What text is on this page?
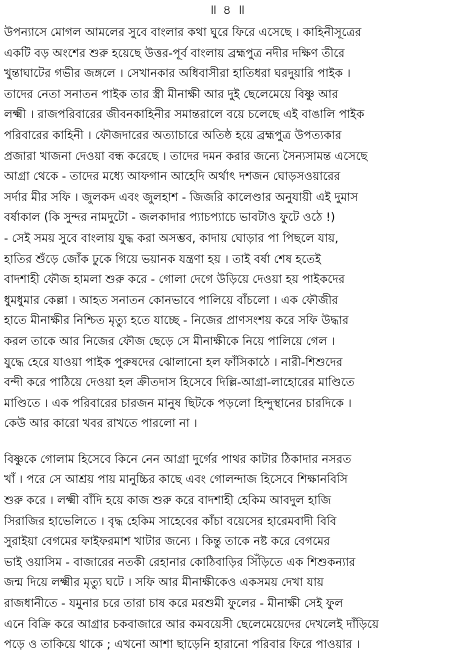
॥ ৪ ॥
উপন্যাসে মোগল আমলের সুবে বাংলার কথা ঘুরে ফিরে এসেছে । কাহিনীসূত্রের
একটি বড় অংশের শুরু হয়েছে উত্তর-পূর্ব বাংলায় ব্রহ্মপুত্র নদীর দক্ষিণ তীরে
খুন্তাঘাটের গভীর জঙ্গলে । সেখানকার অধিবাসীরা হাতিধরা ঘরদুয়ারি পাইক ।
তাদের নেতা সনাতন পাইক তার স্ত্রী মীনাক্ষী আর দুই ছেলেমেয়ে বিষ্ণু আর
লক্ষ্মী । রাজপরিবারের জীবনকাহিনীর সমান্তরালে বয়ে চলেছে এই বাঙালি পাইক
পরিবারের কাহিনী । ফৌজদারের অত্যাচারে অতিষ্ঠ হয়ে ব্রহ্মপুত্র উপত্যকার
প্রজারা খাজনা দেওয়া বন্ধ করেছে । তাদের দমন করার জন্যে সৈন্যসামন্ত এসেছে
আগ্রা থেকে - তাদের মধ্যে আফগান আহেদি অর্থাৎ দশজন ঘোড়সওয়ারের
সর্দার মীর সফি । জুলকদ এবং জুলহাশ - জিজরি কালেণ্ডার অনুযায়ী এই দুমাস
বর্ষাকাল (কি সুন্দর নামদুটো - জলকাদার প্যাচপ্যাচে ভাবটাও ফুটে ওঠে !)
- সেই সময় সুবে বাংলায় যুদ্ধ করা অসম্ভব, কাদায় ঘোড়ার পা পিছলে যায়,
হাতির শুঁড়ে জোঁক ঢুকে গিয়ে ভয়ানক যন্ত্রণা হয় । তাই বর্ষা শেষ হতেই
বাদশাহী ফৌজ হামলা শুরু করে - গোলা দেগে উড়িয়ে দেওয়া হয় পাইকদের
ধুমধুমার কেল্লা । আহত সনাতন কোনভাবে পালিয়ে বাঁচলো । এক ফৌজীর
হাতে মীনাক্ষীর নিশ্চিত মৃত্যু হতে যাচ্ছে - নিজের প্রাণসংশয় করে সফি উদ্ধার
করল তাকে আর নিজের ফৌজ ছেড়ে সে মীনাক্ষীকে নিয়ে পালিয়ে গেল ।
যুদ্ধে হেরে যাওয়া পাইক পুরুষদের ঝোলানো হল ফাঁসিকাঠে । নারী-শিশুদের
বন্দী করে পাঠিয়ে দেওয়া হল ক্রীতদাস হিসেবে দিল্লি-আগ্রা-লাহোরের মাণ্ডিতে
মাণ্ডিতে । এক পরিবারের চারজন মানুষ ছিটকে পড়লো হিন্দুস্থানের চারদিকে ।
কেউ আর কারো খবর রাখতে পারলো না ।
বিষ্ণুকে গোলাম হিসেবে কিনে নেন আগ্রা দুর্গের পাথর কাটার ঠিকাদার নসরত
খাঁ । পরে সে আশ্রয় পায় মানুচ্চির কাছে এবং গোলন্দাজ হিসেবে শিক্ষানবিসি
শুরু করে । লক্ষ্মী বাঁদি হয়ে কাজ শুরু করে বাদশাহী হেকিম আবদুল হাজি
সিরাজির হাভেলিতে । বৃদ্ধ হেকিম সাহেবের কাঁচা বয়েসের হারেমবাদী বিবি
সুরাইয়া বেগমের ফাইফরমাশ খাটার জন্যে । কিন্তু তাকে নষ্ট করে বেগমের
ভাই ওয়াসিম - বাজারের নতকী রেহানার কোঠিবাড়ির সিঁড়িতে এক শিশুকন্যার
জন্ম দিয়ে লক্ষ্মীর মৃত্যু ঘটে । সফি আর মীনাক্ষীকেও একসময় দেখা যায়
রাজধানীতে - যমুনার চরে তারা চাষ করে মরশুমী ফুলের - মীনাক্ষী সেই ফুল
এনে বিক্রি করে আগ্রার চকবাজারে আর কমবয়েসী ছেলেমেয়েদের দেখলেই দাঁড়িয়ে
পড়ে ও তাকিয়ে থাকে ; এখনো আশা ছাড়েনি হারানো পরিবার ফিরে পাওয়ার ।
